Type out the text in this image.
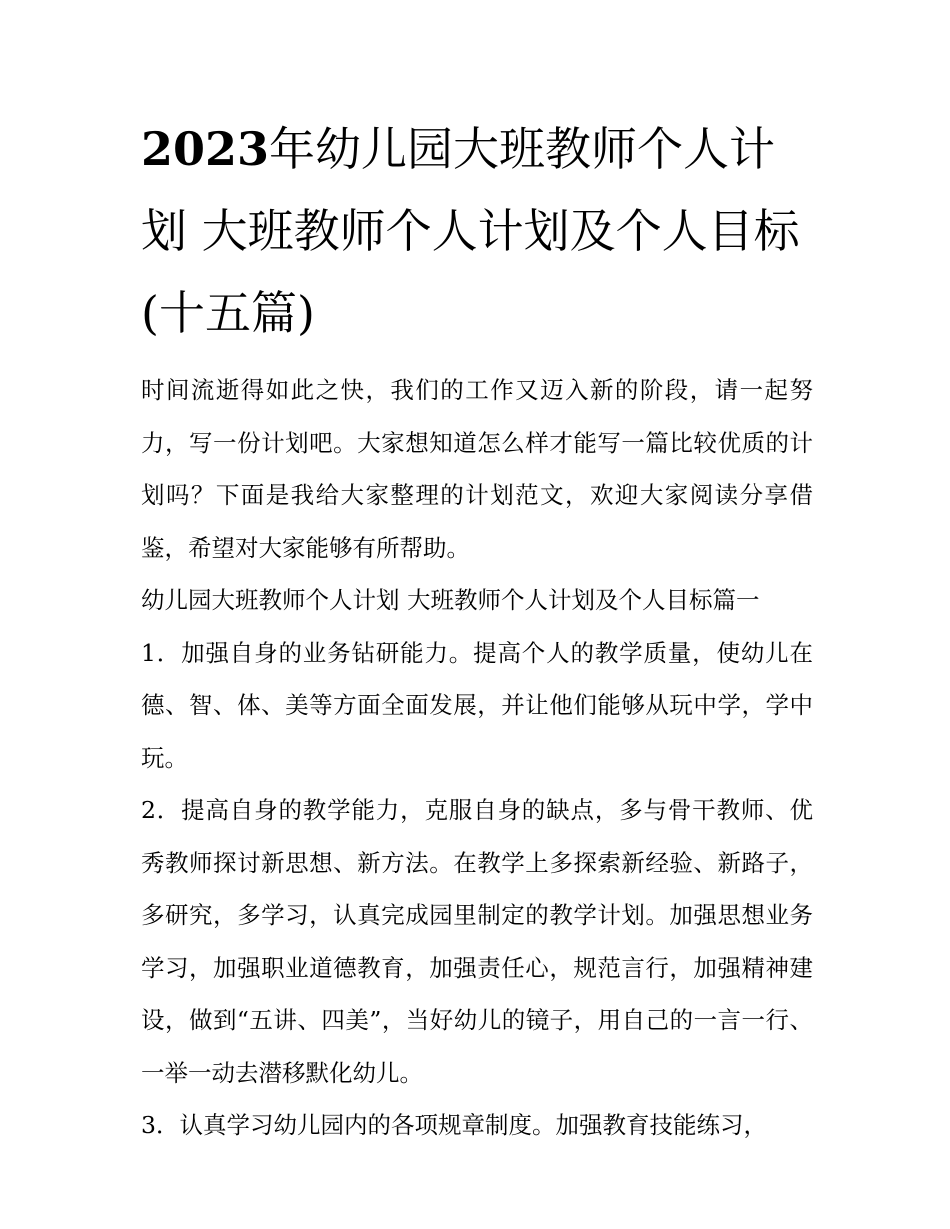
2023年幼儿园大班教师个人计划 大班教师个人计划及个人目标(十五篇)

时间流逝得如此之快，我们的工作又迈入新的阶段，请一起努力，写一份计划吧。大家想知道怎么样才能写一篇比较优质的计划吗？下面是我给大家整理的计划范文，欢迎大家阅读分享借鉴，希望对大家能够有所帮助。

幼儿园大班教师个人计划 大班教师个人计划及个人目标篇一

1．加强自身的业务钻研能力。提高个人的教学质量，使幼儿在德、智、体、美等方面全面发展，并让他们能够从玩中学，学中玩。

2．提高自身的教学能力，克服自身的缺点，多与骨干教师、优秀教师探讨新思想、新方法。在教学上多探索新经验、新路子，多研究，多学习，认真完成园里制定的教学计划。加强思想业务学习，加强职业道德教育，加强责任心，规范言行，加强精神建设，做到“五讲、四美”，当好幼儿的镜子，用自己的一言一行、一举一动去潜移默化幼儿。

3．认真学习幼儿园内的各项规章制度。加强教育技能练习，
